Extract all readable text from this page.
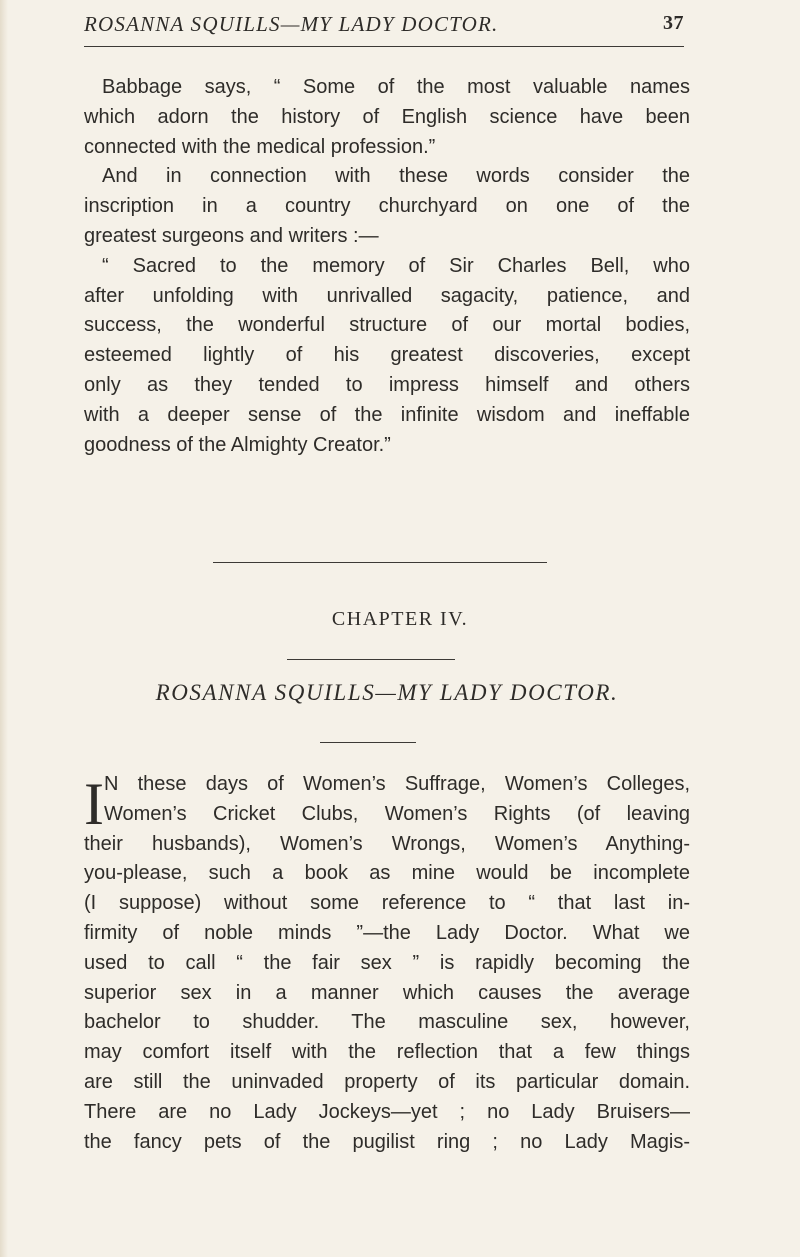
ROSANNA SQUILLS—MY LADY DOCTOR.	37
Babbage says, “ Some of the most valuable names
which adorn the history of English science have been
connected with the medical profession.”
And in connection with these words consider the
inscription in a country churchyard on one of the
greatest surgeons and writers :—
“ Sacred to the memory of Sir Charles Bell, who
after unfolding with unrivalled sagacity, patience, and
success, the wonderful structure of our mortal bodies,
esteemed lightly of his greatest discoveries, except
only as they tended to impress himself and others
with a deeper sense of the infinite wisdom and ineffable
goodness of the Almighty Creator.”
CHAPTER IV.
ROSANNA SQUILLS—MY LADY DOCTOR.
I N these days of Women’s Suffrage, Women’s Colleges,
Women’s Cricket Clubs, Women’s Rights (of leaving
their husbands), Women’s Wrongs, Women’s Anything-
you-please, such a book as mine would be incomplete
(I suppose) without some reference to “ that last in-
firmity of noble minds ”—the Lady Doctor. What we
used to call “ the fair sex ” is rapidly becoming the
superior sex in a manner which causes the average
bachelor to shudder. The masculine sex, however,
may comfort itself with the reflection that a few things
are still the uninvaded property of its particular domain.
There are no Lady Jockeys—yet ; no Lady Bruisers—
the fancy pets of the pugilist ring ; no Lady Magis-
